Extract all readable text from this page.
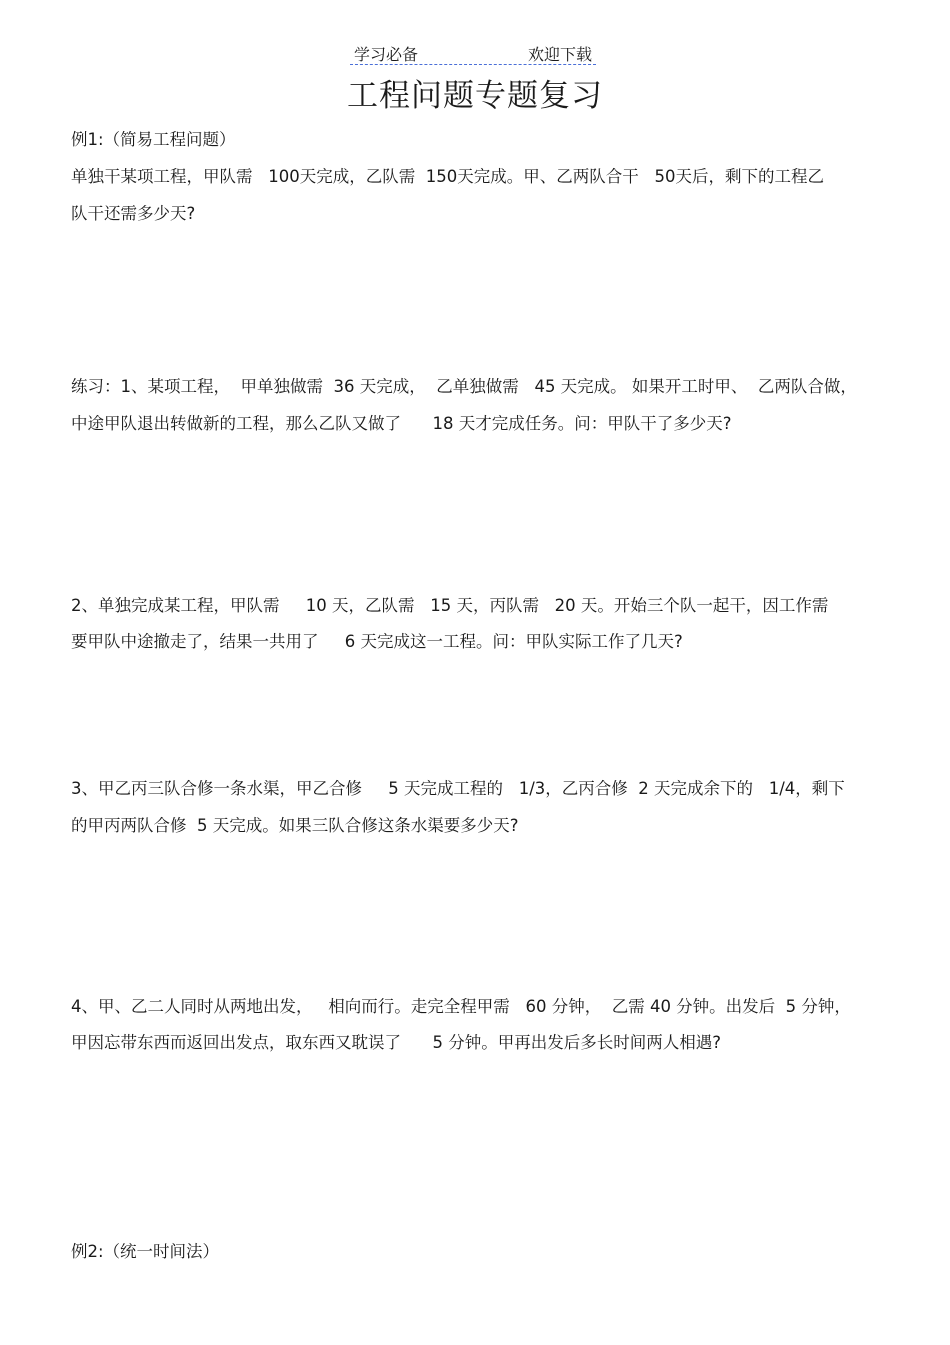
学习必备	欢迎下载
工程问题专题复习
例1:（简易工程问题）
单独干某项工程，甲队需   100天完成，乙队需  150天完成。甲、乙两队合干   50天后，剩下的工程乙
队干还需多少天?
练习：1、某项工程，  甲单独做需  36 天完成，  乙单独做需   45 天完成。 如果开工时甲、  乙两队合做，
中途甲队退出转做新的工程，那么乙队又做了      18 天才完成任务。问：甲队干了多少天?
2、单独完成某工程，甲队需     10 天，乙队需   15 天，丙队需   20 天。开始三个队一起干，因工作需
要甲队中途撤走了，结果一共用了     6 天完成这一工程。问：甲队实际工作了几天?
3、甲乙丙三队合修一条水渠，甲乙合修     5 天完成工程的   1/3，乙丙合修  2 天完成余下的   1/4，剩下
的甲丙两队合修  5 天完成。如果三队合修这条水渠要多少天?
4、甲、乙二人同时从两地出发，   相向而行。走完全程甲需   60 分钟，  乙需 40 分钟。出发后  5 分钟，
甲因忘带东西而返回出发点，取东西又耽误了      5 分钟。甲再出发后多长时间两人相遇?
例2:（统一时间法）
